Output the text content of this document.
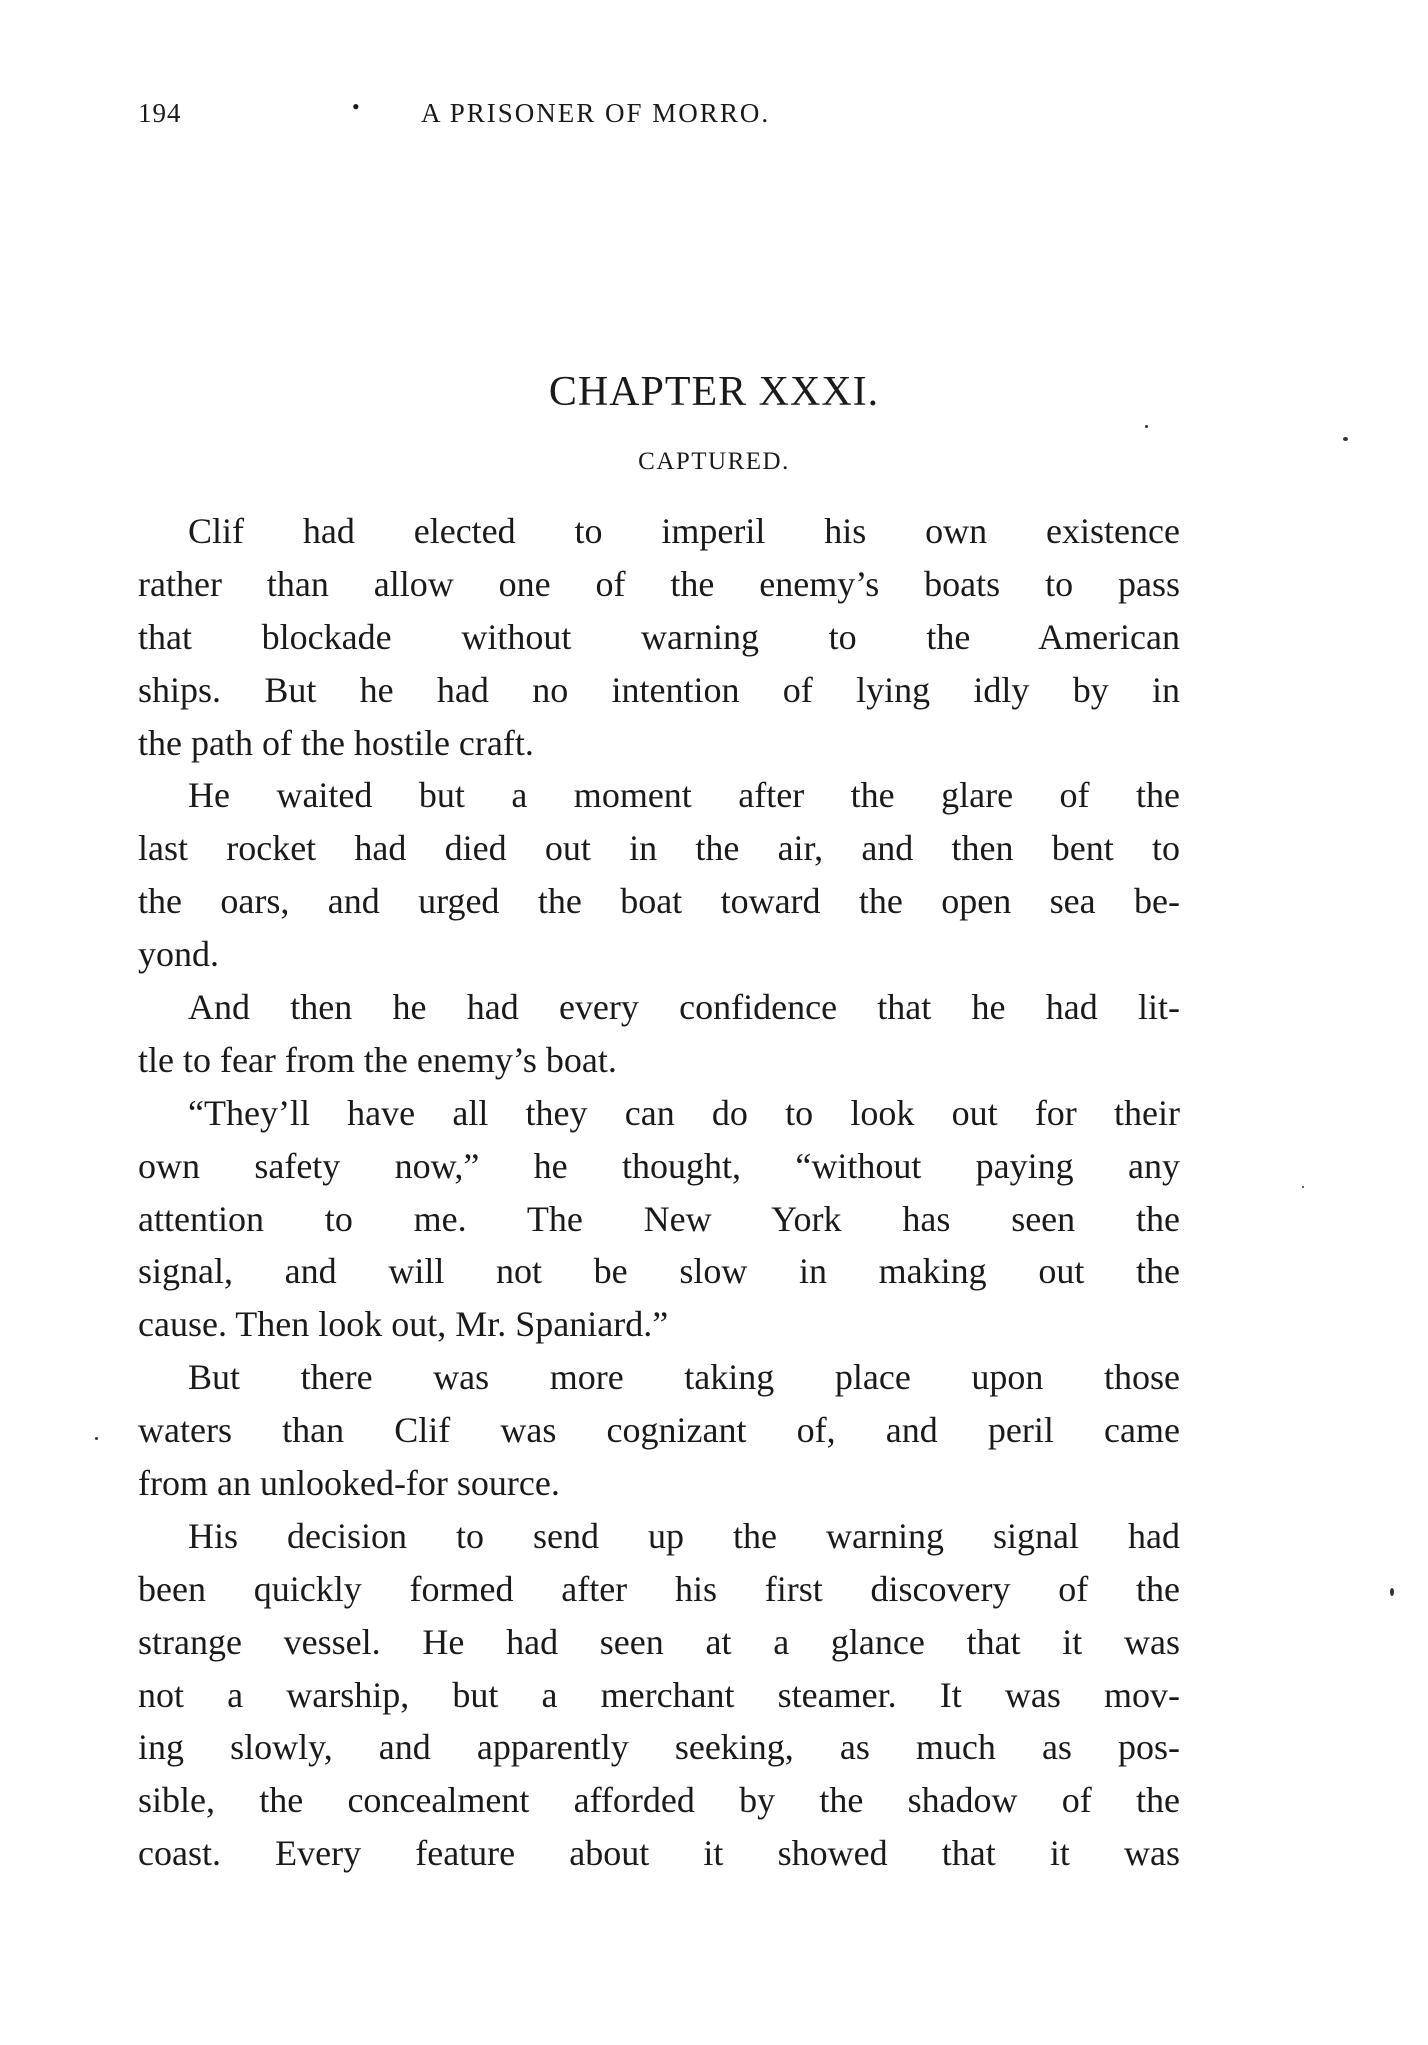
194	• A PRISONER OF MORRO.
CHAPTER XXXI.
CAPTURED.
Clif had elected to imperil his own existence
rather than allow one of the enemy’s boats to pass
that blockade without warning to the American
ships. But he had no intention of lying idly by in
the path of the hostile craft.
He waited but a moment after the glare of the
last rocket had died out in the air, and then bent to
the oars, and urged the boat toward the open sea be-
yond.
And then he had every confidence that he had lit-
tle to fear from the enemy’s boat.
“They’ll have all they can do to look out for their
own safety now,” he thought, “without paying any
attention to me. The New York has seen the
signal, and will not be slow in making out the
cause. Then look out, Mr. Spaniard.”
But there was more taking place upon those
waters than Clif was cognizant of, and peril came
from an unlooked-for source.
His decision to send up the warning signal had
been quickly formed after his first discovery of the
strange vessel. He had seen at a glance that it was
not a warship, but a merchant steamer. It was mov-
ing slowly, and apparently seeking, as much as pos-
sible, the concealment afforded by the shadow of the
coast. Every feature about it showed that it was
